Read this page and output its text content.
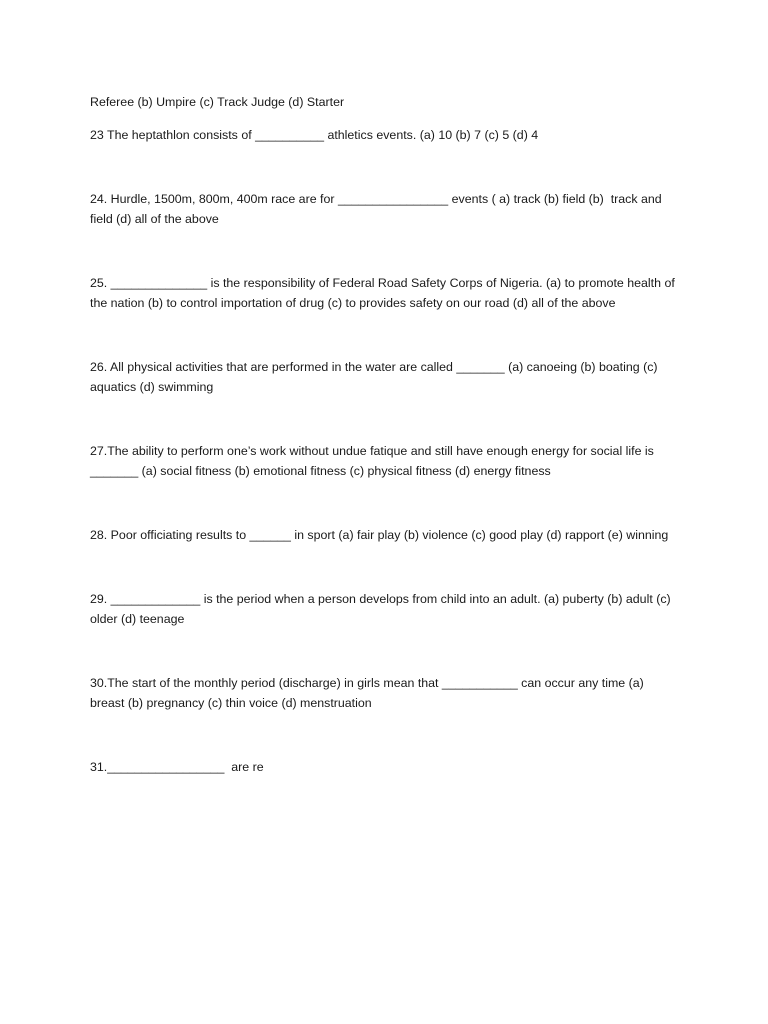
Referee (b) Umpire (c) Track Judge (d) Starter

23 The heptathlon consists of __________ athletics events. (a) 10 (b) 7 (c) 5 (d) 4

24. Hurdle, 1500m, 800m, 400m race are for ________________ events ( a) track (b) field (b)  track and field (d) all of the above

25. ______________ is the responsibility of Federal Road Safety Corps of Nigeria. (a) to promote health of the nation (b) to control importation of drug (c) to provides safety on our road (d) all of the above

26. All physical activities that are performed in the water are called _______ (a) canoeing (b) boating (c) aquatics (d) swimming

27.The ability to perform one’s work without undue fatique and still have enough energy for social life is _______ (a) social fitness (b) emotional fitness (c) physical fitness (d) energy fitness

28. Poor officiating results to ______ in sport (a) fair play (b) violence (c) good play (d) rapport (e) winning

29. _____________ is the period when a person develops from child into an adult. (a) puberty (b) adult (c) older (d) teenage

30.The start of the monthly period (discharge) in girls mean that ___________ can occur any time (a) breast (b) pregnancy (c) thin voice (d) menstruation

31._________________  are re
